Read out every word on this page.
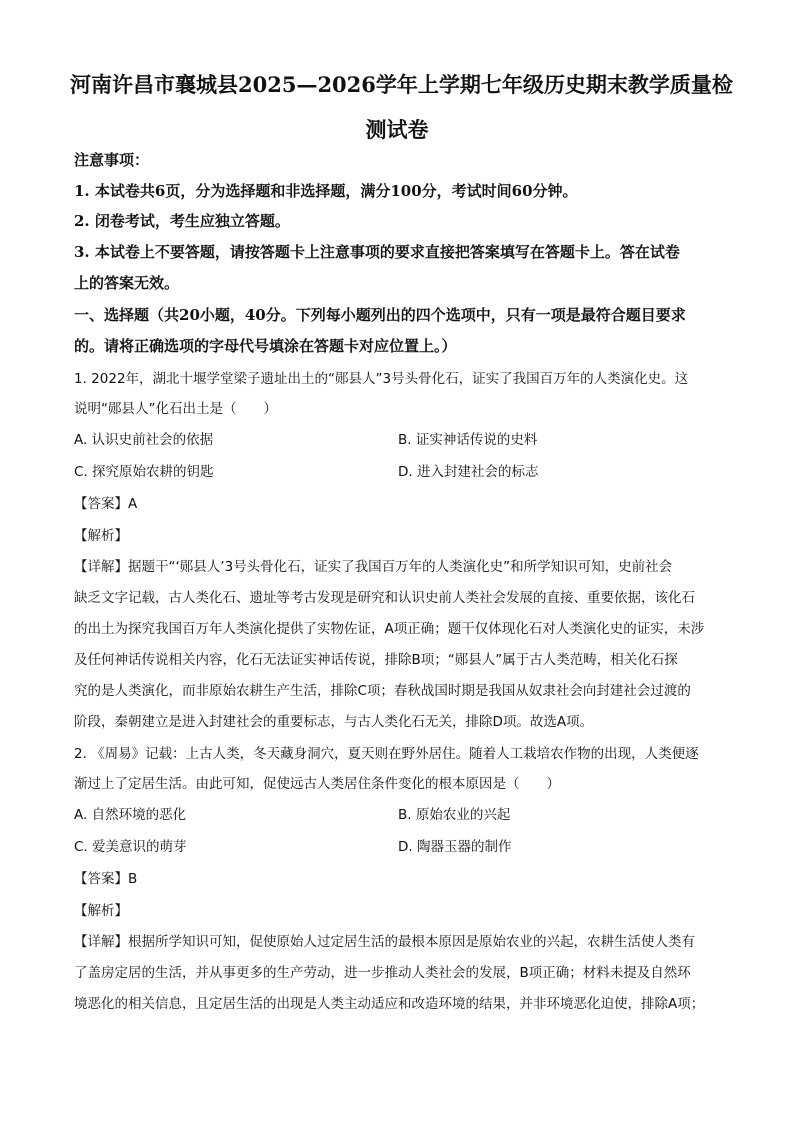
河南许昌市襄城县2025—2026学年上学期七年级历史期末教学质量检
测试卷
注意事项：
1. 本试卷共6页，分为选择题和非选择题，满分100分，考试时间60分钟。
2. 闭卷考试，考生应独立答题。
3. 本试卷上不要答题，请按答题卡上注意事项的要求直接把答案填写在答题卡上。答在试卷
上的答案无效。
一、选择题（共20小题，40分。下列每小题列出的四个选项中，只有一项是最符合题目要求
的。请将正确选项的字母代号填涂在答题卡对应位置上。）
1. 2022年，湖北十堰学堂梁子遗址出土的“郧县人”3号头骨化石，证实了我国百万年的人类演化史。这
说明“郧县人”化石出土是（　　）
A. 认识史前社会的依据	B. 证实神话传说的史料
C. 探究原始农耕的钥匙	D. 进入封建社会的标志
【答案】A
【解析】
【详解】据题干“‘郧县人’3号头骨化石，证实了我国百万年的人类演化史”和所学知识可知，史前社会
缺乏文字记载，古人类化石、遗址等考古发现是研究和认识史前人类社会发展的直接、重要依据，该化石
的出土为探究我国百万年人类演化提供了实物佐证，A项正确；题干仅体现化石对人类演化史的证实，未涉
及任何神话传说相关内容，化石无法证实神话传说，排除B项；“郧县人”属于古人类范畴，相关化石探
究的是人类演化，而非原始农耕生产生活，排除C项；春秋战国时期是我国从奴隶社会向封建社会过渡的
阶段，秦朝建立是进入封建社会的重要标志，与古人类化石无关，排除D项。故选A项。
2. 《周易》记载：上古人类，冬天藏身洞穴，夏天则在野外居住。随着人工栽培农作物的出现，人类便逐
渐过上了定居生活。由此可知，促使远古人类居住条件变化的根本原因是（　　）
A. 自然环境的恶化	B. 原始农业的兴起
C. 爱美意识的萌芽	D. 陶器玉器的制作
【答案】B
【解析】
【详解】根据所学知识可知，促使原始人过定居生活的最根本原因是原始农业的兴起，农耕生活使人类有
了盖房定居的生活，并从事更多的生产劳动，进一步推动人类社会的发展，B项正确；材料未提及自然环
境恶化的相关信息，且定居生活的出现是人类主动适应和改造环境的结果，并非环境恶化迫使，排除A项；
